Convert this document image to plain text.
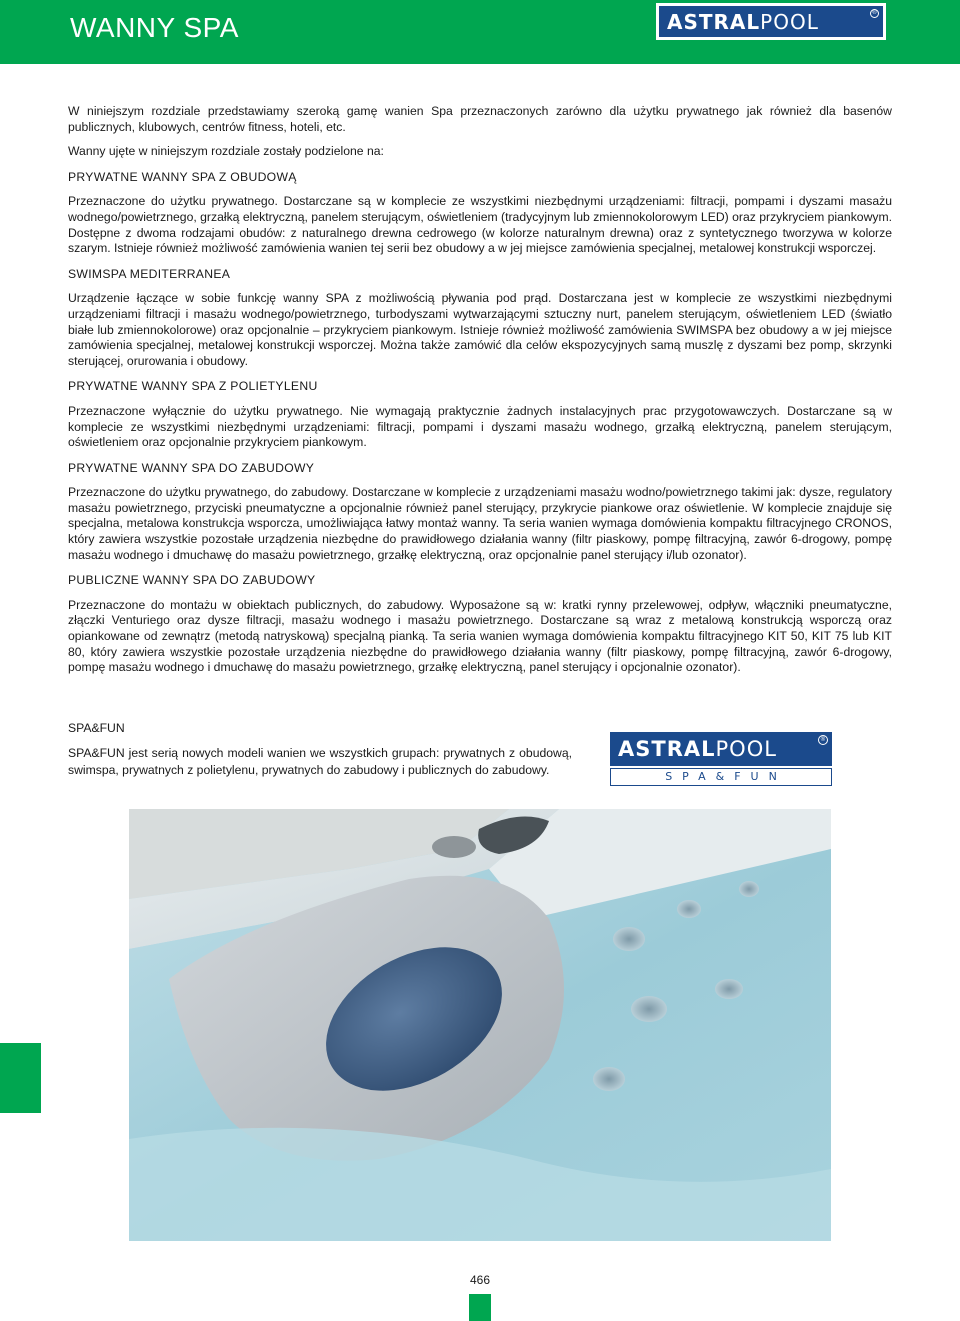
WANNY SPA	ASTRAL POOL	®
W niniejszym rozdziale przedstawiamy szeroką gamę wanien Spa przeznaczonych zarówno dla użytku prywatnego jak również dla basenów publicznych, klubowych, centrów fitness, hoteli, etc.
Wanny ujęte w niniejszym rozdziale zostały podzielone na:
PRYWATNE WANNY SPA Z OBUDOWĄ
Przeznaczone do użytku prywatnego. Dostarczane są w komplecie ze wszystkimi niezbędnymi urządzeniami: filtracji, pompami i dyszami masażu wodnego/powietrznego, grzałką elektryczną, panelem sterującym, oświetleniem (tradycyjnym lub zmiennokolorowym LED) oraz przykryciem piankowym. Dostępne z dwoma rodzajami obudów: z naturalnego drewna cedrowego (w kolorze naturalnym drewna) oraz z syntetycznego tworzywa w kolorze szarym. Istnieje również możliwość zamówienia wanien tej serii bez obudowy a w jej miejsce zamówienia specjalnej, metalowej konstrukcji wsporczej.
SWIMSPA MEDITERRANEA
Urządzenie łączące w sobie funkcję wanny SPA z możliwością pływania pod prąd. Dostarczana jest w komplecie ze wszystkimi niezbędnymi urządzeniami filtracji i masażu wodnego/powietrznego, turbodyszami wytwarzającymi sztuczny nurt, panelem sterującym, oświetleniem LED (światło białe lub zmiennokolorowe) oraz opcjonalnie – przykryciem piankowym. Istnieje również możliwość zamówienia SWIMSPA bez obudowy a w jej miejsce zamówienia specjalnej, metalowej konstrukcji wsporczej. Można także zamówić dla celów ekspozycyjnych samą muszlę z dyszami bez pomp, skrzynki sterującej, orurowania i obudowy.
PRYWATNE WANNY SPA Z POLIETYLENU
Przeznaczone wyłącznie do użytku prywatnego. Nie wymagają praktycznie żadnych instalacyjnych prac przygotowawczych. Dostarczane są w komplecie ze wszystkimi niezbędnymi urządzeniami: filtracji, pompami i dyszami masażu wodnego, grzałką elektryczną, panelem sterującym, oświetleniem oraz opcjonalnie przykryciem piankowym.
PRYWATNE WANNY SPA DO ZABUDOWY
Przeznaczone do użytku prywatnego, do zabudowy. Dostarczane w komplecie z urządzeniami masażu wodno/powietrznego takimi jak: dysze, regulatory masażu powietrznego, przyciski pneumatyczne a opcjonalnie również panel sterujący, przykrycie piankowe oraz oświetlenie. W komplecie znajduje się specjalna, metalowa konstrukcja wsporcza, umożliwiająca łatwy montaż wanny. Ta seria wanien wymaga domówienia kompaktu filtracyjnego CRONOS, który zawiera wszystkie pozostałe urządzenia niezbędne do prawidłowego działania wanny (filtr piaskowy, pompę filtracyjną, zawór 6-drogowy, pompę masażu wodnego i dmuchawę do masażu powietrznego, grzałkę elektryczną, oraz opcjonalnie panel sterujący i/lub ozonator).
PUBLICZNE WANNY SPA DO ZABUDOWY
Przeznaczone do montażu w obiektach publicznych, do zabudowy. Wyposażone są w: kratki rynny przelewowej, odpływ, włączniki pneumatyczne, złączki Venturiego oraz dysze filtracji, masażu wodnego i masażu powietrznego. Dostarczane są wraz z metalową konstrukcją wsporczą oraz opiankowane od zewnątrz (metodą natryskową) specjalną pianką. Ta seria wanien wymaga domówienia kompaktu filtracyjnego KIT 50, KIT 75 lub KIT 80, który zawiera wszystkie pozostałe urządzenia niezbędne do prawidłowego działania wanny (filtr piaskowy, pompę filtracyjną, zawór 6-drogowy, pompę masażu wodnego i dmuchawę do masażu powietrznego, grzałkę elektryczną, panel sterujący i opcjonalnie ozonator).
SPA&FUN
SPA&FUN jest serią nowych modeli wanien we wszystkich grupach: prywatnych z obudową, swimspa, prywatnych z polietylenu, prywatnych do zabudowy i publicznych do zabudowy.
ASTRAL POOL	®
SPA&FUN
466
